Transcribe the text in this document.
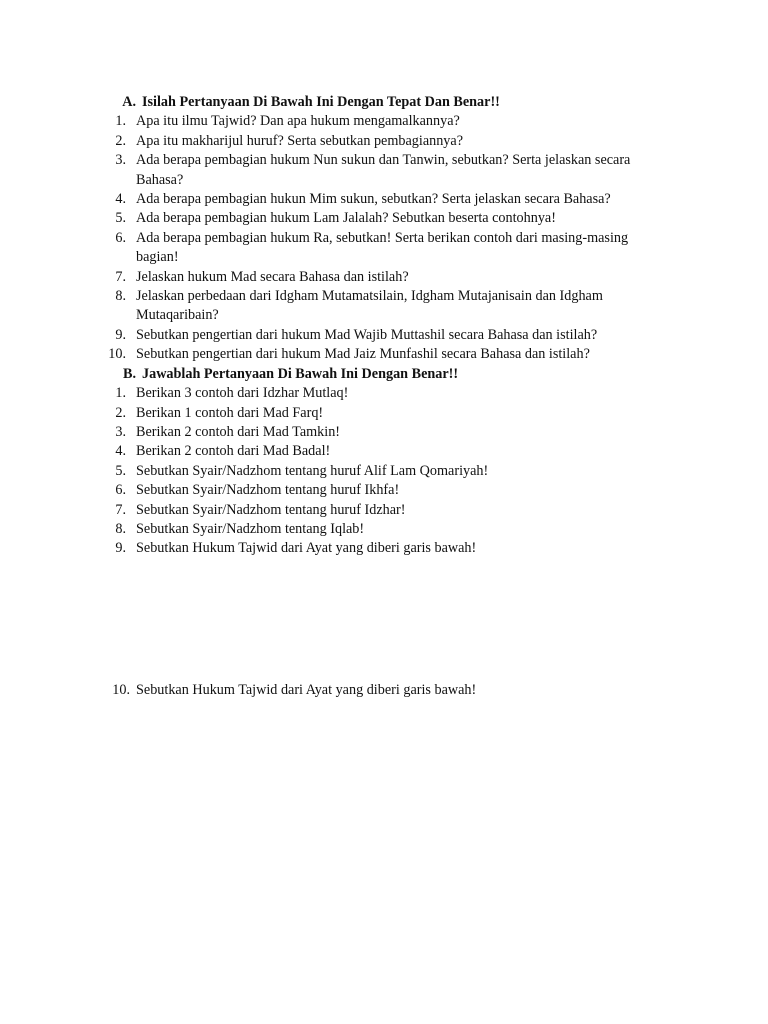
A. Isilah Pertanyaan Di Bawah Ini Dengan Tepat Dan Benar!!
1. Apa itu ilmu Tajwid? Dan apa hukum mengamalkannya?
2. Apa itu makharijul huruf? Serta sebutkan pembagiannya?
3. Ada berapa pembagian hukum Nun sukun dan Tanwin, sebutkan? Serta jelaskan secara Bahasa?
4. Ada berapa pembagian hukun Mim sukun, sebutkan? Serta jelaskan secara Bahasa?
5. Ada berapa pembagian hukum Lam Jalalah? Sebutkan beserta contohnya!
6. Ada berapa pembagian hukum Ra, sebutkan! Serta berikan contoh dari masing-masing bagian!
7. Jelaskan hukum Mad secara Bahasa dan istilah?
8. Jelaskan perbedaan dari Idgham Mutamatsilain, Idgham Mutajanisain dan Idgham Mutaqaribain?
9. Sebutkan pengertian dari hukum Mad Wajib Muttashil secara Bahasa dan istilah?
10. Sebutkan pengertian dari hukum Mad Jaiz Munfashil secara Bahasa dan istilah?
B. Jawablah Pertanyaan Di Bawah Ini Dengan Benar!!
1. Berikan 3 contoh dari Idzhar Mutlaq!
2. Berikan 1 contoh dari Mad Farq!
3. Berikan 2 contoh dari Mad Tamkin!
4. Berikan 2 contoh dari Mad Badal!
5. Sebutkan Syair/Nadzhom tentang huruf Alif Lam Qomariyah!
6. Sebutkan Syair/Nadzhom tentang huruf Ikhfa!
7. Sebutkan Syair/Nadzhom tentang huruf Idzhar!
8. Sebutkan Syair/Nadzhom tentang Iqlab!
9. Sebutkan Hukum Tajwid dari Ayat yang diberi garis bawah!
10. Sebutkan Hukum Tajwid dari Ayat yang diberi garis bawah!
